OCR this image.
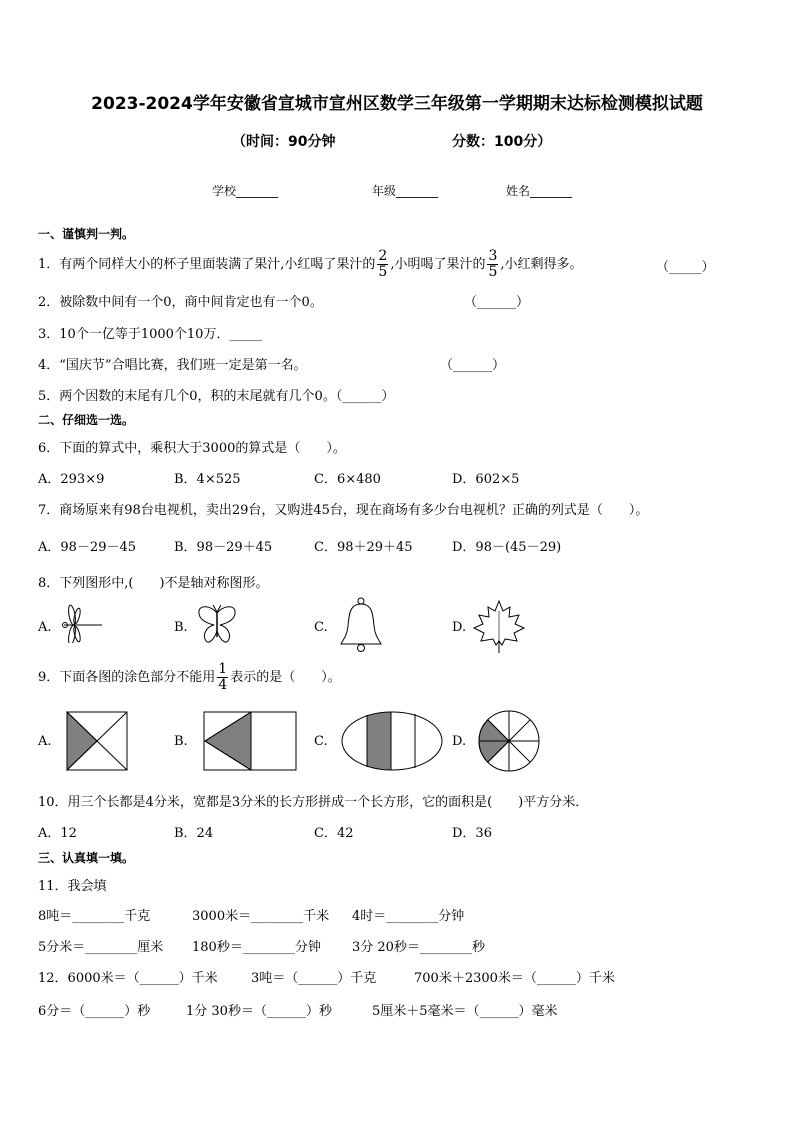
2023-2024学年安徽省宣城市宣州区数学三年级第一学期期末达标检测模拟试题
（时间：90分钟	分数：100分）
学校_______	年级_______	姓名_______
一、谨慎判一判。
1．有两个同样大小的杯子里面装满了果汁,小红喝了果汁的 $\frac{2}{5}$ ,小明喝了果汁的 $\frac{3}{5}$ ,小红剩得多。	（_____）
2．被除数中间有一个0，商中间肯定也有一个0。	（______）
3．10个一亿等于1000个10万．_____
4．“国庆节”合唱比赛，我们班一定是第一名。	（______）
5．两个因数的末尾有几个0，积的末尾就有几个0。（______）
二、仔细选一选。
6．下面的算式中，乘积大于3000的算式是（　　）。
A．293×9	B．4×525	C．6×480	D．602×5
7．商场原来有98台电视机，卖出29台，又购进45台，现在商场有多少台电视机？正确的列式是（　　）。
A．98－29－45	B．98－29＋45	C．98＋29＋45	D．98－(45－29)
8．下列图形中,(　　)不是轴对称图形。
A.	B.	C.	D.
9．下面各图的涂色部分不能用 $\frac{1}{4}$ 表示的是（　　）。
A.	B.	C.	D.
10．用三个长都是4分米，宽都是3分米的长方形拼成一个长方形，它的面积是(　　)平方分米．
A．12	B．24	C．42	D．36
三、认真填一填。
11．我会填
8吨＝________千克	3000米＝________千米 4时＝________分钟
5分米＝________厘米 180秒＝________分钟 3分 20秒＝________秒
12．6000米＝（______）千米	3吨＝（______）千克	700米＋2300米＝（______）千米
6分＝（______）秒	1分 30秒＝（______）秒	5厘米＋5毫米＝（______）毫米
